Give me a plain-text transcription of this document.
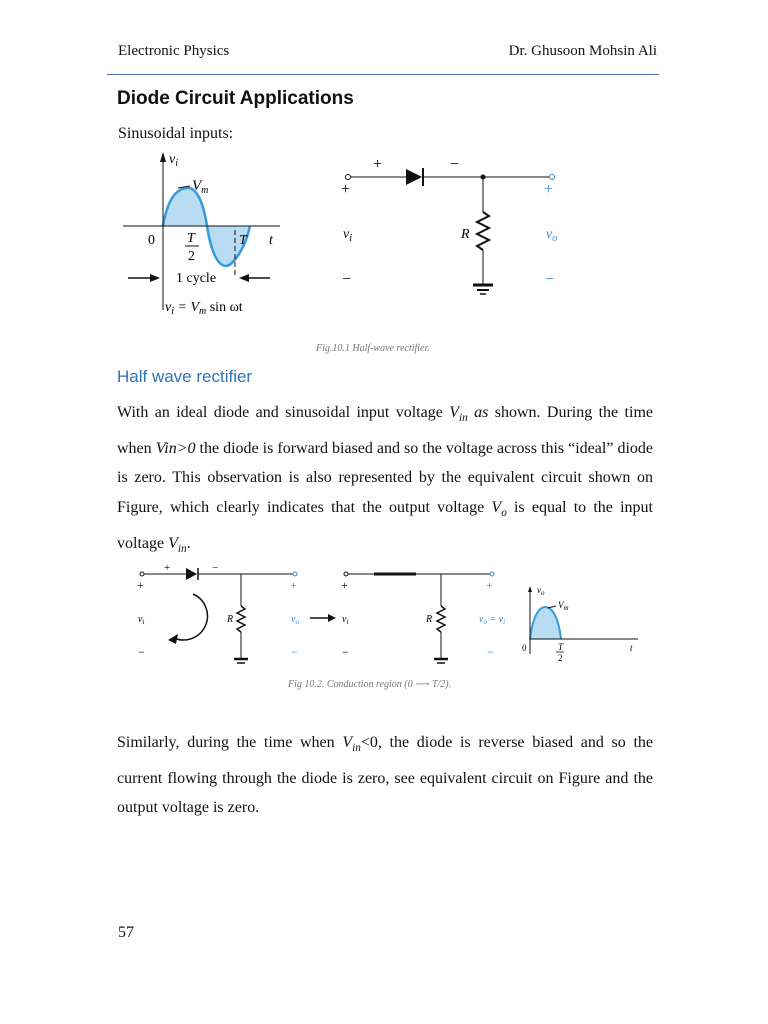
Electronic Physics	Dr. Ghusoon Mohsin Ali
Diode Circuit Applications
Sinusoidal inputs:
$V_m$
$v_i$
0 T
2
T t
1 cycle
$v_i = V_m$ sin ωt
+	−
+
$v_i$
−
R
+
$v_o$
−
Fig.10.1 Half-wave rectifier.
Half wave rectifier
With an ideal diode and sinusoidal input voltage $V_{in}$ as shown. During the time when Vin>0 the diode is forward biased and so the voltage across this “ideal” diode is zero. This observation is also represented by the equivalent circuit shown on Figure, which clearly indicates that the output voltage $V_o$ is equal to the input voltage $V_{in}$.
+	−
+
$v_i$
−
R
+
$v_o$
−
+
$v_i$
−
R
+
$v_o = v_i$
−
$V_m$
$v_o$
0	T
2
t
Fig 10.2. Conduction region (0 ⟶ T/2).
Similarly, during the time when $V_{in}<0$, the diode is reverse biased and so the current flowing through the diode is zero, see equivalent circuit on Figure and the output voltage is zero.
57
